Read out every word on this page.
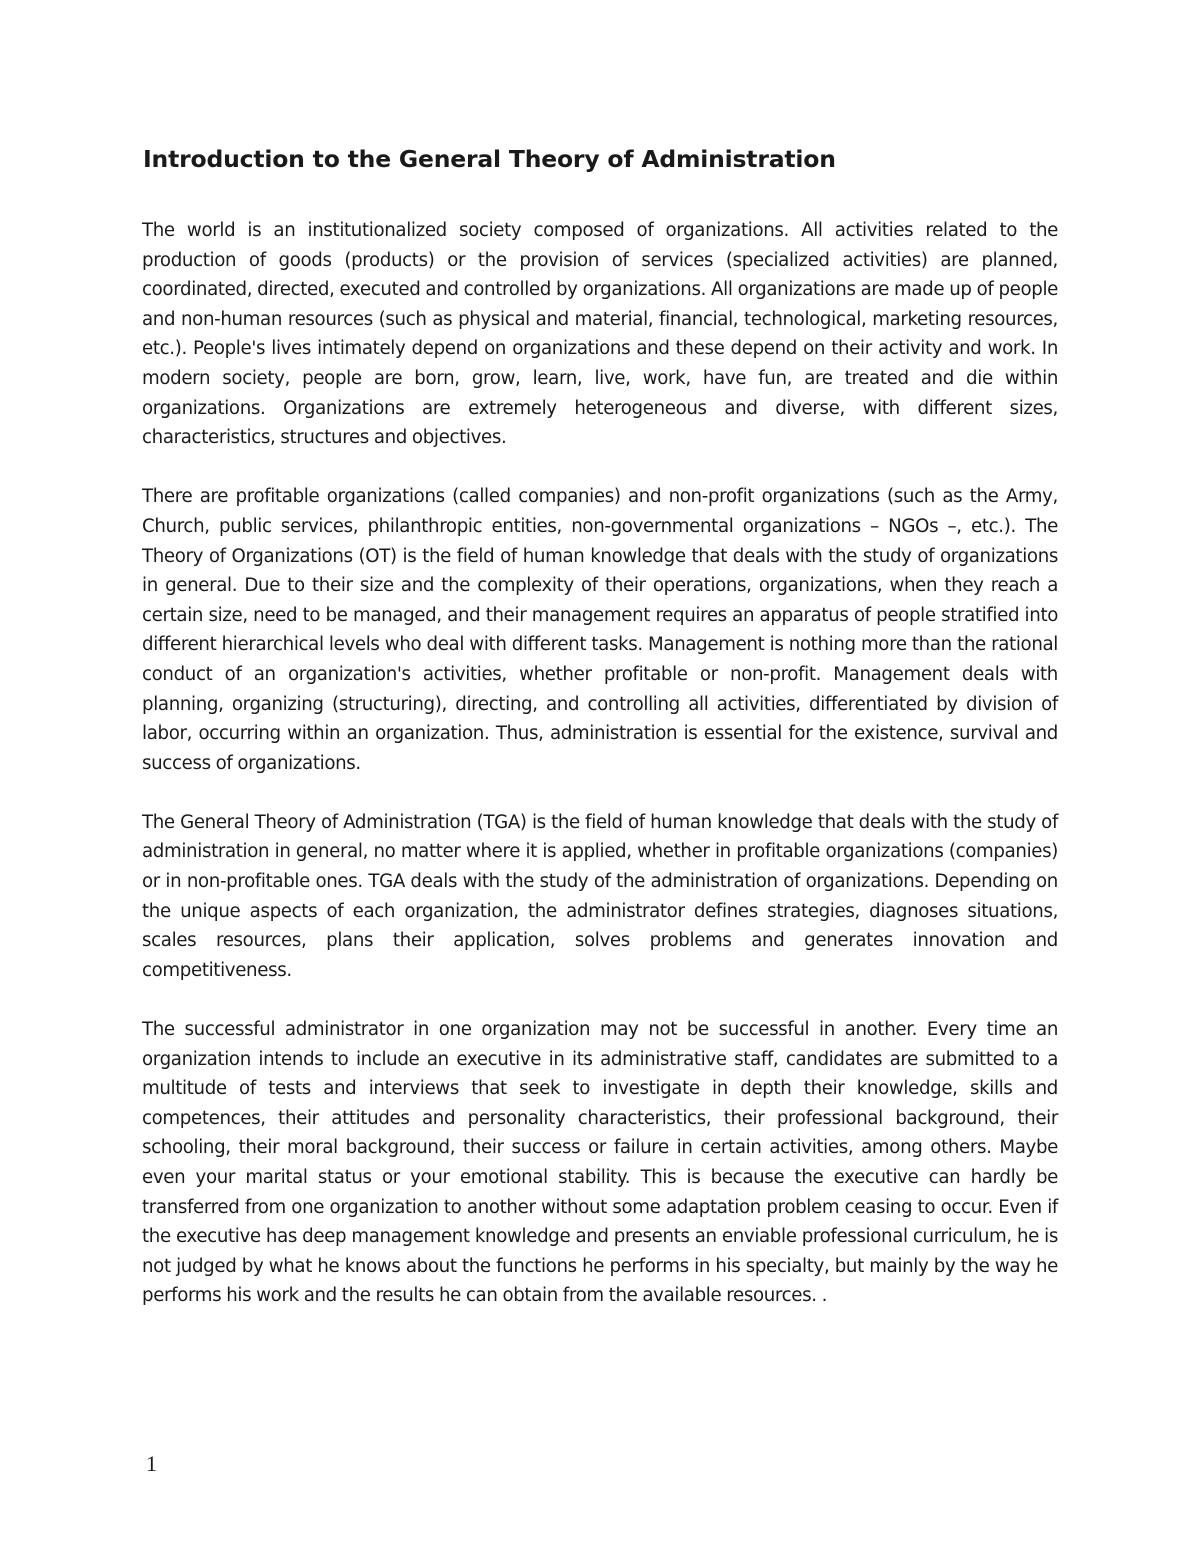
Introduction to the General Theory of Administration

The world is an institutionalized society composed of organizations. All activities related to the production of goods (products) or the provision of services (specialized activities) are planned, coordinated, directed, executed and controlled by organizations. All organizations are made up of people and non-human resources (such as physical and material, financial, technological, marketing resources, etc.). People's lives intimately depend on organizations and these depend on their activity and work. In modern society, people are born, grow, learn, live, work, have fun, are treated and die within organizations. Organizations are extremely heterogeneous and diverse, with different sizes, characteristics, structures and objectives.

There are profitable organizations (called companies) and non-profit organizations (such as the Army, Church, public services, philanthropic entities, non-governmental organizations – NGOs –, etc.). The Theory of Organizations (OT) is the field of human knowledge that deals with the study of organizations in general. Due to their size and the complexity of their operations, organizations, when they reach a certain size, need to be managed, and their management requires an apparatus of people stratified into different hierarchical levels who deal with different tasks. Management is nothing more than the rational conduct of an organization's activities, whether profitable or non-profit. Management deals with planning, organizing (structuring), directing, and controlling all activities, differentiated by division of labor, occurring within an organization. Thus, administration is essential for the existence, survival and success of organizations.

The General Theory of Administration (TGA) is the field of human knowledge that deals with the study of administration in general, no matter where it is applied, whether in profitable organizations (companies) or in non-profitable ones. TGA deals with the study of the administration of organizations. Depending on the unique aspects of each organization, the administrator defines strategies, diagnoses situations, scales resources, plans their application, solves problems and generates innovation and competitiveness.

The successful administrator in one organization may not be successful in another. Every time an organization intends to include an executive in its administrative staff, candidates are submitted to a multitude of tests and interviews that seek to investigate in depth their knowledge, skills and competences, their attitudes and personality characteristics, their professional background, their schooling, their moral background, their success or failure in certain activities, among others. Maybe even your marital status or your emotional stability. This is because the executive can hardly be transferred from one organization to another without some adaptation problem ceasing to occur. Even if the executive has deep management knowledge and presents an enviable professional curriculum, he is not judged by what he knows about the functions he performs in his specialty, but mainly by the way he performs his work and the results he can obtain from the available resources. .

1
